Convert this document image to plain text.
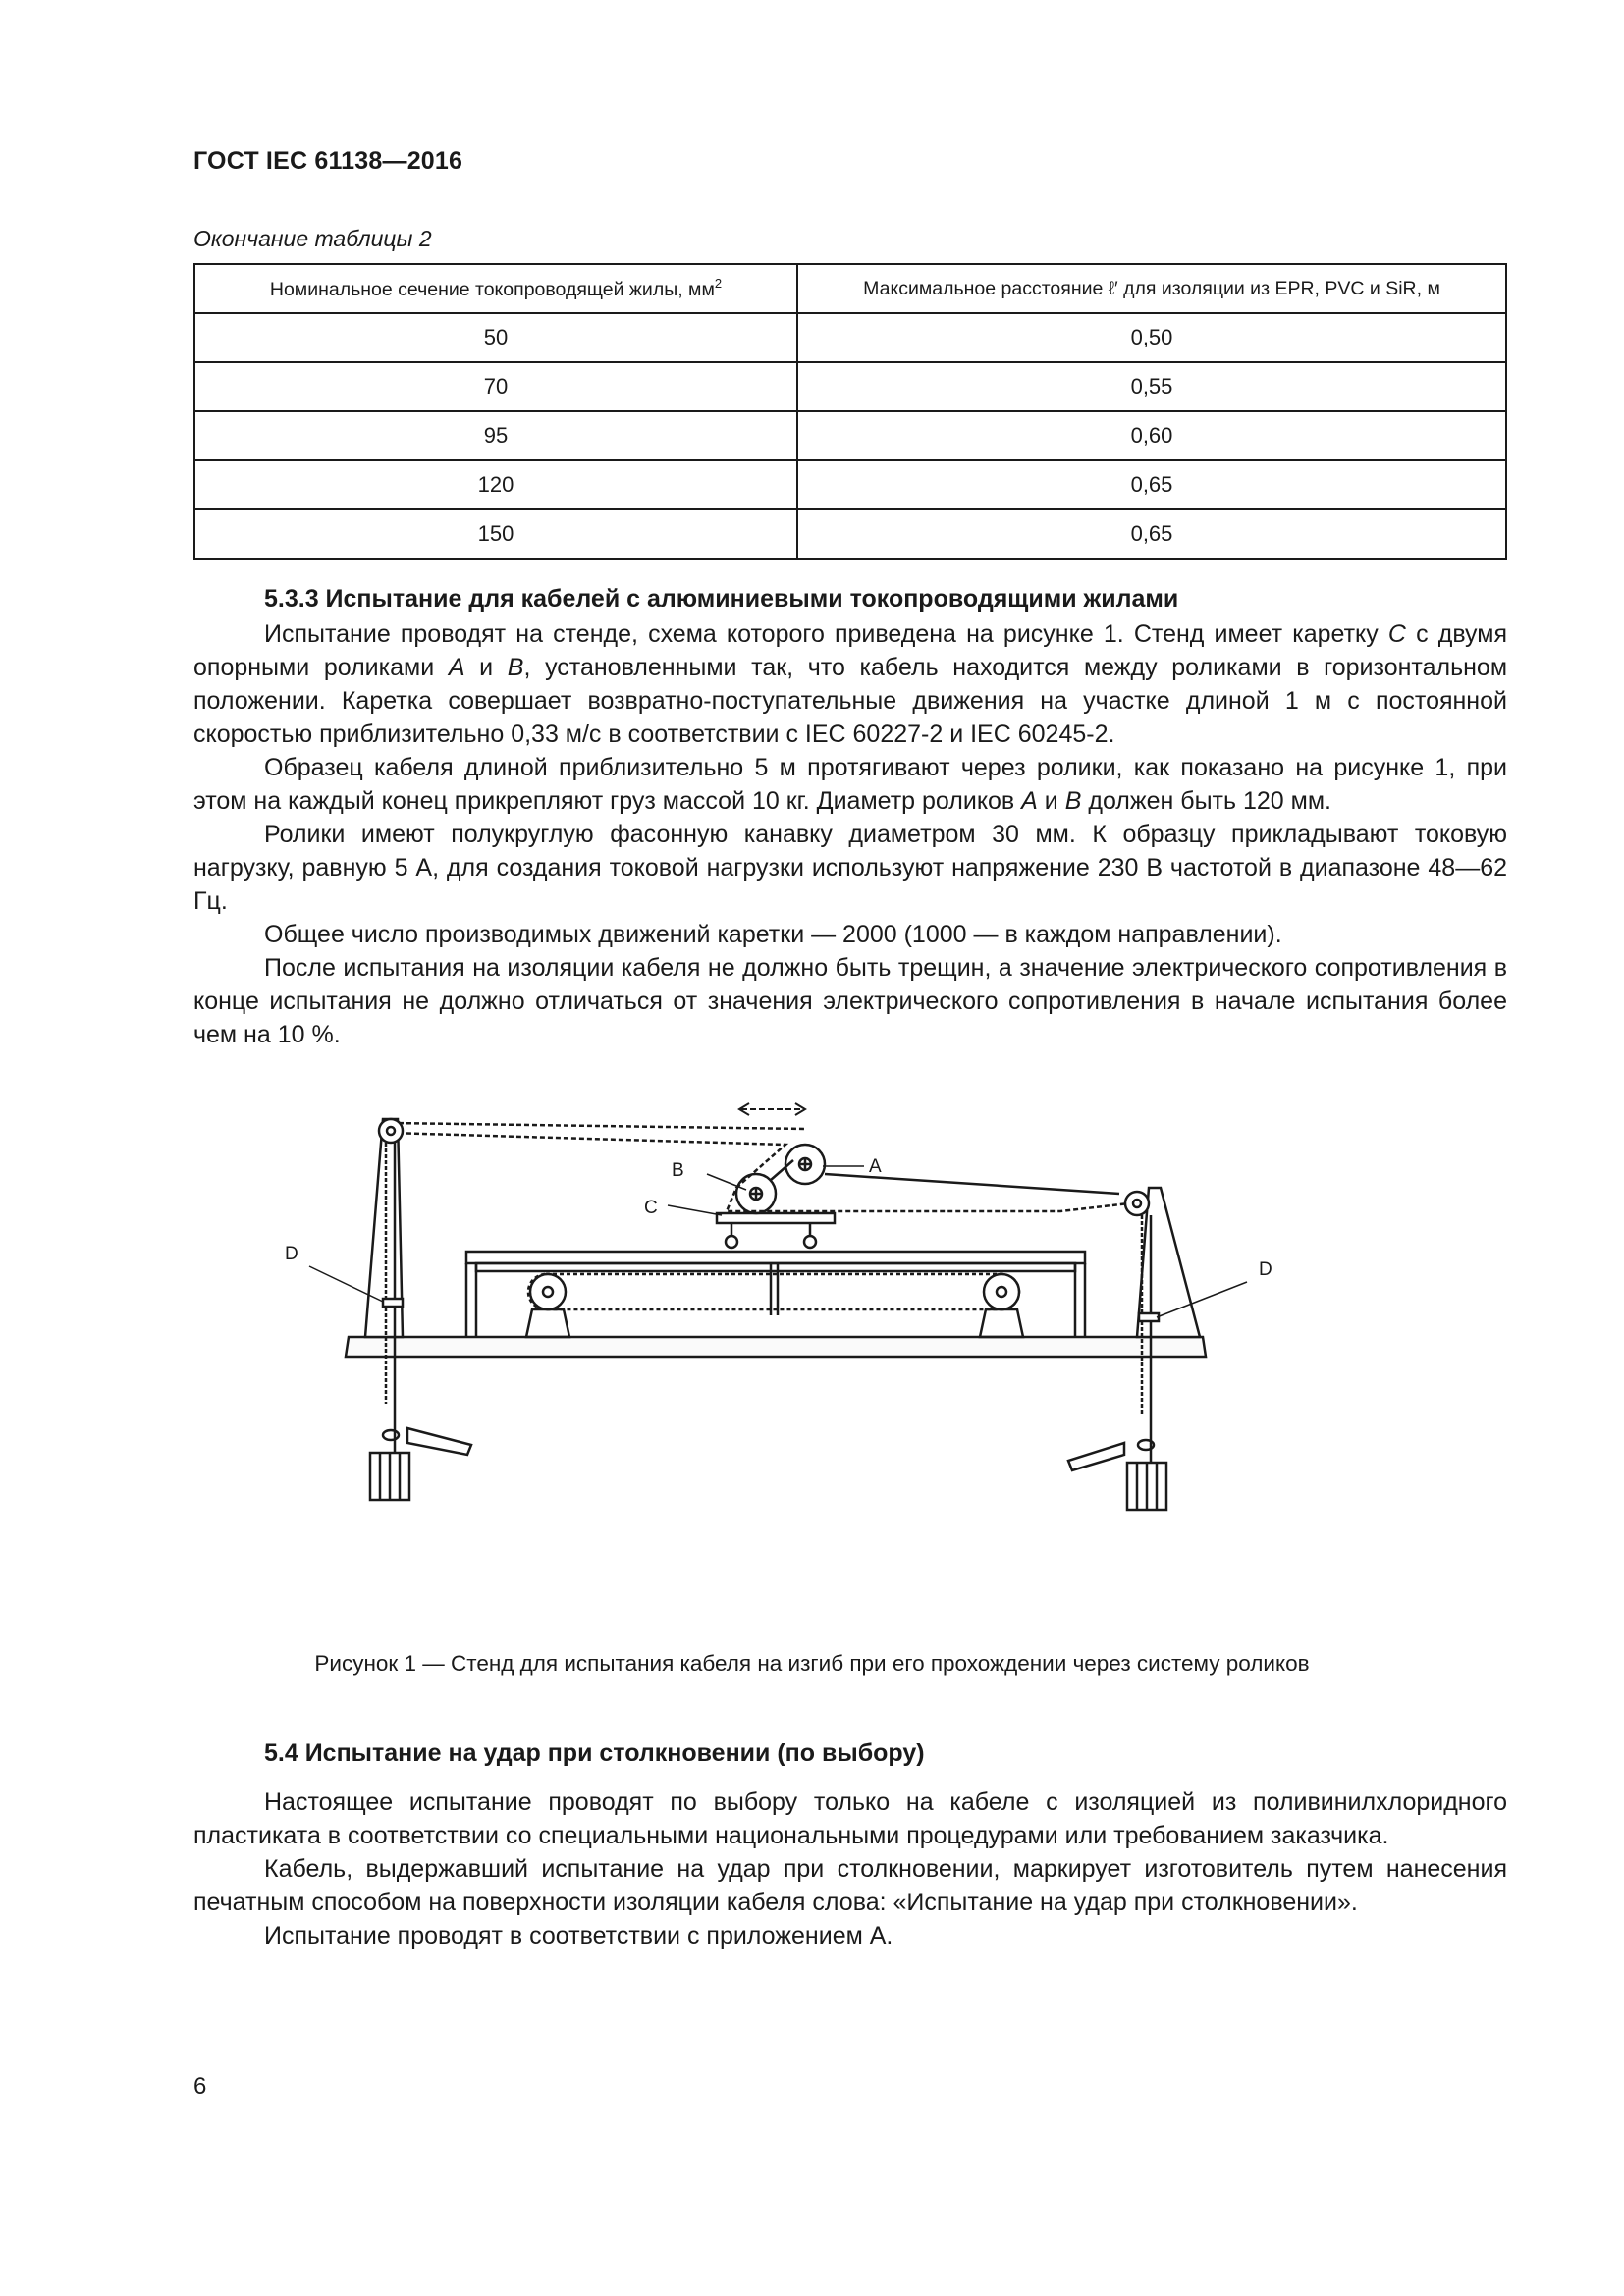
ГОСТ IEC 61138—2016
Окончание таблицы 2
Номинальное сечение токопроводящей жилы, $мм^2$	Максимальное расстояние ℓ′ для изоляции из EPR, PVC и SiR, м
50	0,50
70	0,55
95	0,60
120	0,65
150	0,65
5.3.3 Испытание для кабелей с алюминиевыми токопроводящими жилами

Испытание проводят на стенде, схема которого приведена на рисунке 1. Стенд имеет каретку C с двумя опорными роликами A и B, установленными так, что кабель находится между роликами в горизонтальном положении. Каретка совершает возвратно-поступательные движения на участке длиной 1 м с постоянной скоростью приблизительно 0,33 м/с в соответствии с IEC 60227-2 и IEC 60245-2.

Образец кабеля длиной приблизительно 5 м протягивают через ролики, как показано на рисунке 1, при этом на каждый конец прикрепляют груз массой 10 кг. Диаметр роликов A и B должен быть 120 мм.

Ролики имеют полукруглую фасонную канавку диаметром 30 мм. К образцу прикладывают токовую нагрузку, равную 5 А, для создания токовой нагрузки используют напряжение 230 В частотой в диапазоне 48—62 Гц.

Общее число производимых движений каретки — 2000 (1000 — в каждом направлении).

После испытания на изоляции кабеля не должно быть трещин, а значение электрического сопротивления в конце испытания не должно отличаться от значения электрического сопротивления в начале испытания более чем на 10 %.

A
B
C
D
D
Рисунок 1 — Стенд для испытания кабеля на изгиб при его прохождении через систему роликов
5.4 Испытание на удар при столкновении (по выбору)

Настоящее испытание проводят по выбору только на кабеле с изоляцией из поливинилхлоридного пластиката в соответствии со специальными национальными процедурами или требованием заказчика.

Кабель, выдержавший испытание на удар при столкновении, маркирует изготовитель путем нанесения печатным способом на поверхности изоляции кабеля слова: «Испытание на удар при столкновении».

Испытание проводят в соответствии с приложением А.

6
